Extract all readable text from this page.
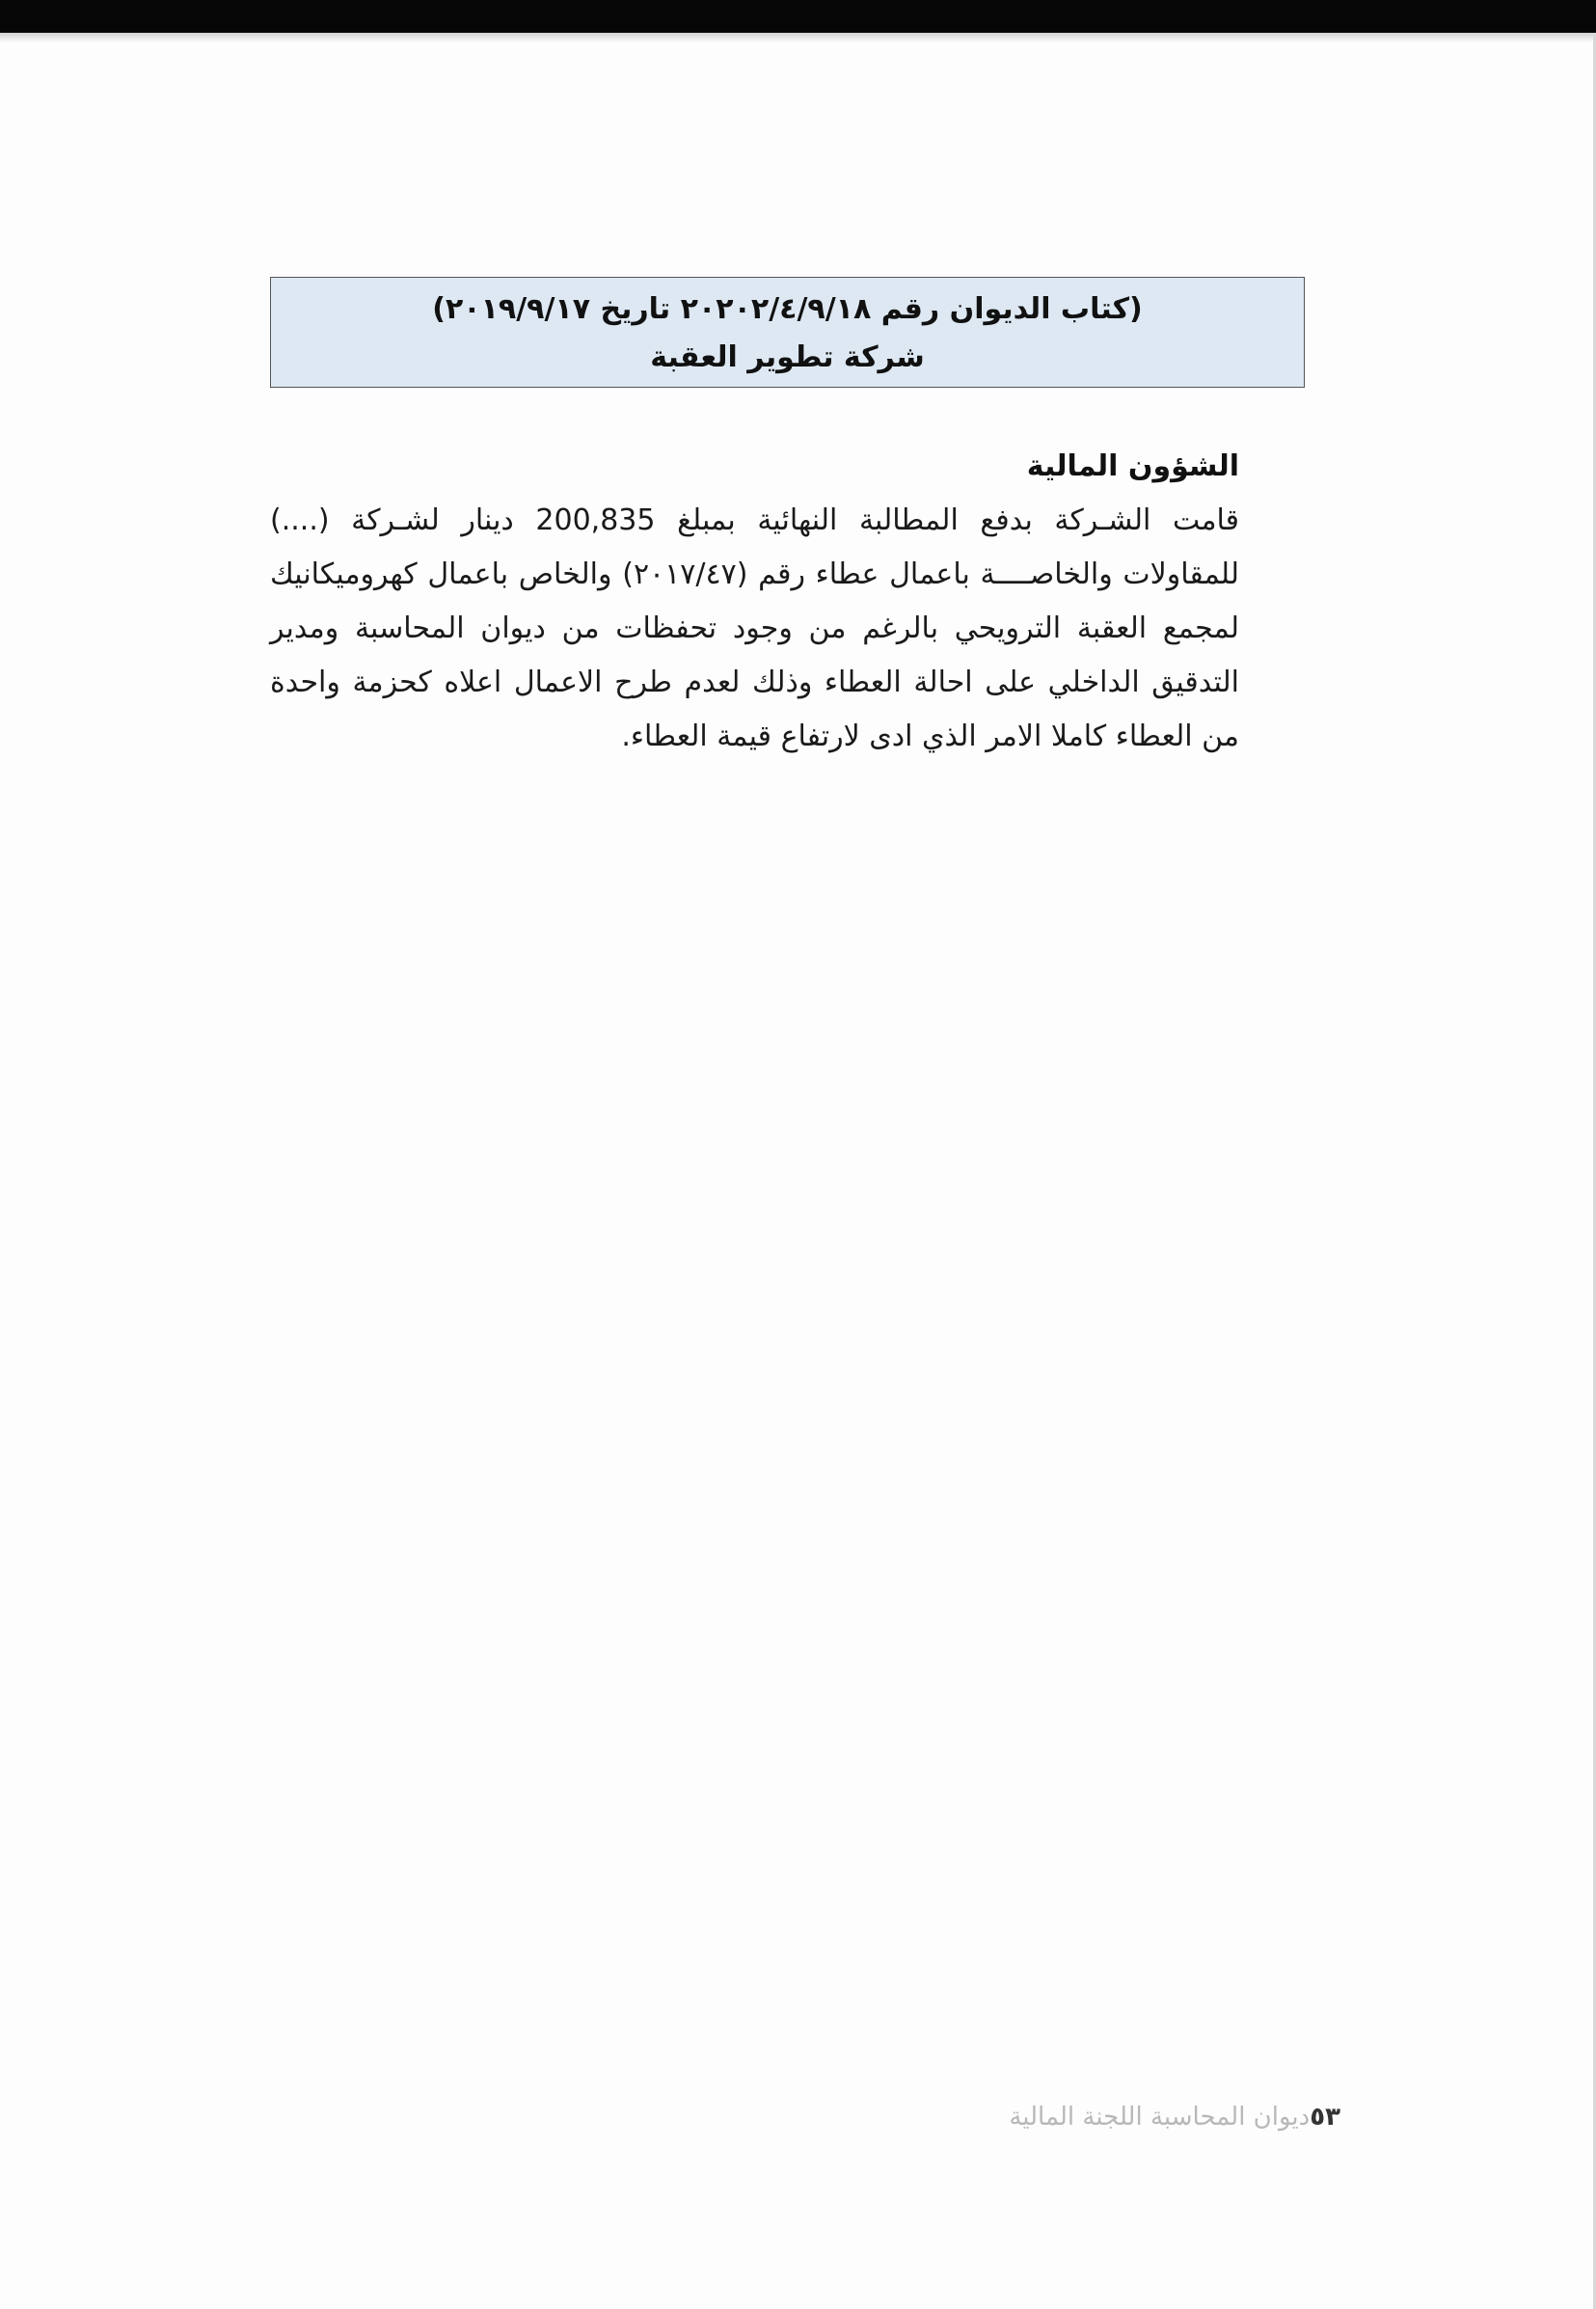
(كتاب الديوان رقم ٢٠٢٠٢/٤/٩/١٨ تاريخ ٢٠١٩/٩/١٧)
شركة تطوير العقبة

الشؤون المالية

قامت الشـركة بدفع المطالبة النهائية بمبلغ 200,835 دينار لشـركة (....) للمقاولات والخاصــــة باعمال عطاء رقم (٢٠١٧/٤٧) والخاص باعمال كهروميكانيك لمجمع العقبة الترويحي بالرغم من وجود تحفظات من ديوان المحاسبة ومدير التدقيق الداخلي على احالة العطاء وذلك لعدم طرح الاعمال اعلاه كحزمة واحدة من العطاء كاملا الامر الذي ادى لارتفاع قيمة العطاء.

٥٣ديوان المحاسبة اللجنة المالية
